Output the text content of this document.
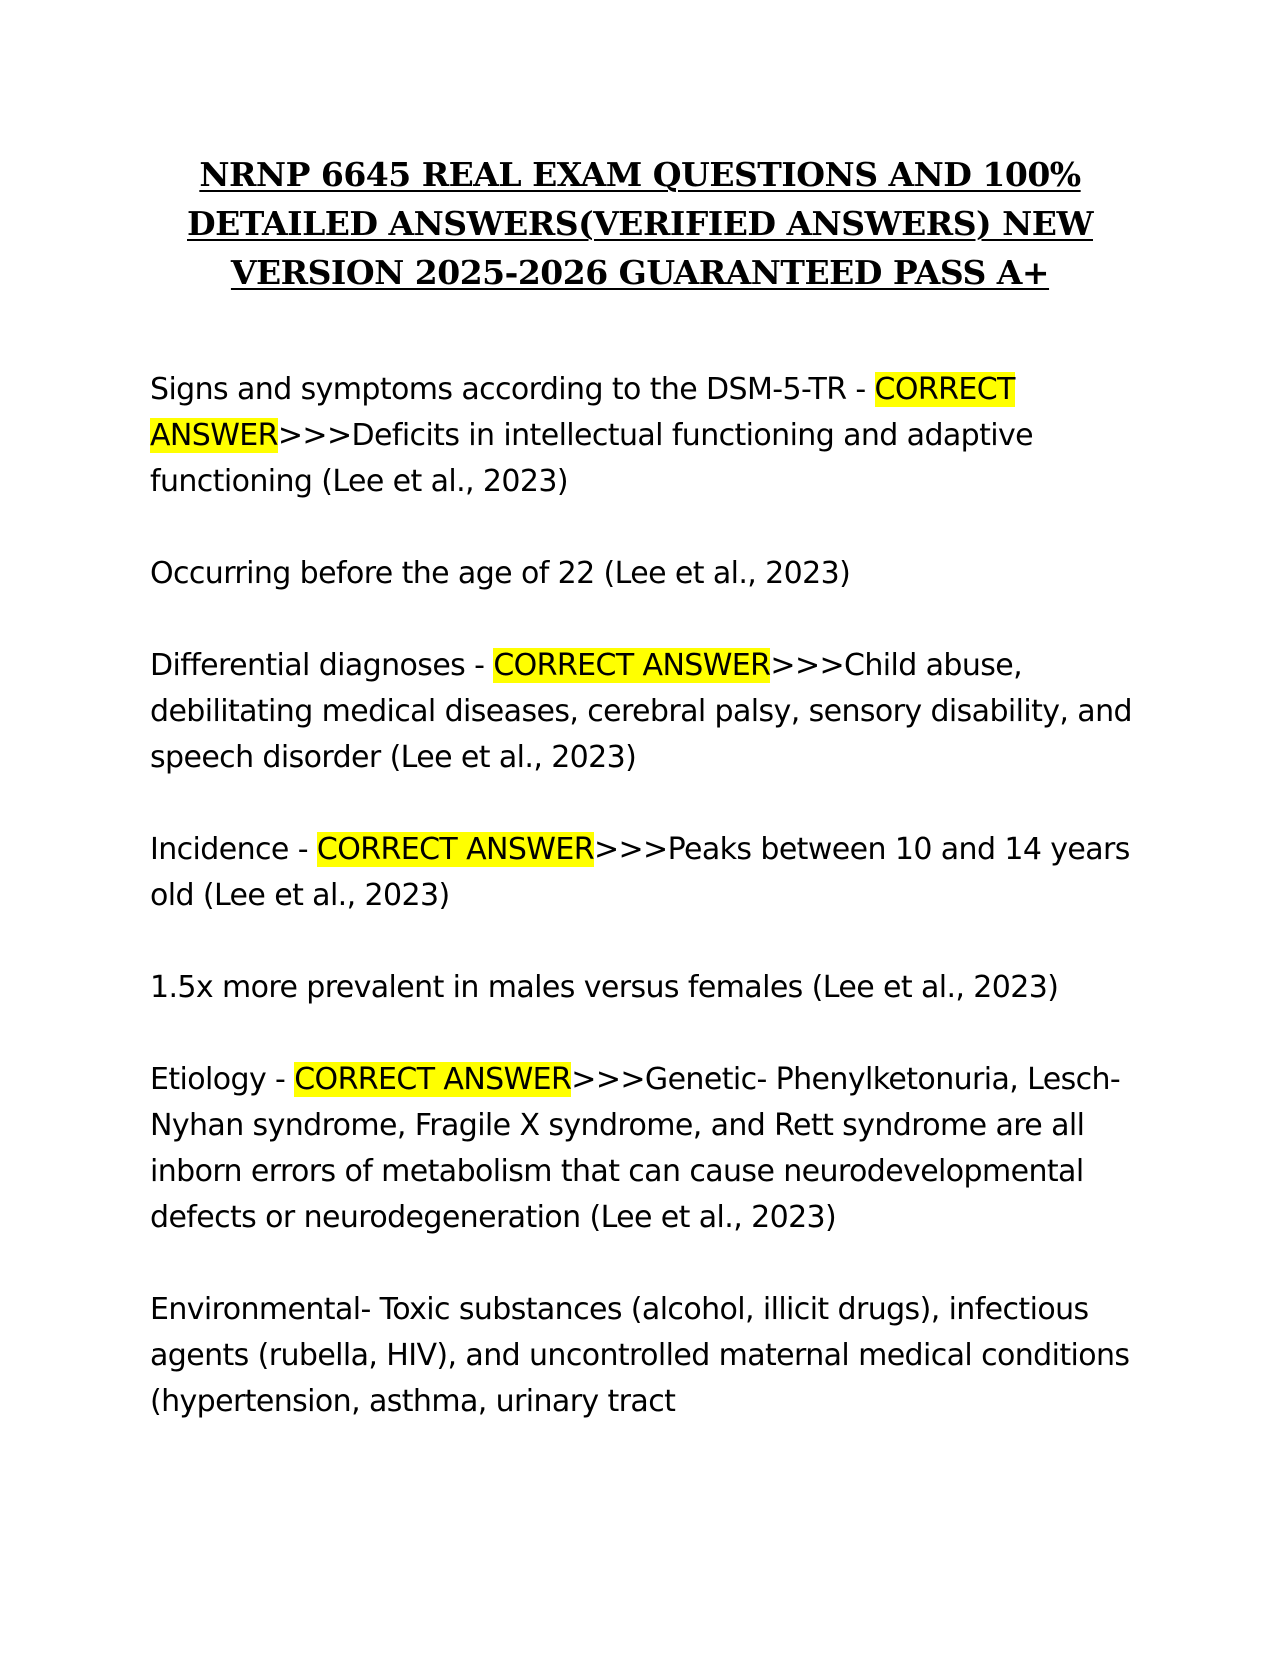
NRNP 6645 REAL EXAM QUESTIONS AND 100% DETAILED ANSWERS(VERIFIED ANSWERS) NEW VERSION 2025-2026 GUARANTEED PASS A+

Signs and symptoms according to the DSM-5-TR - CORRECT ANSWER>>>Deficits in intellectual functioning and adaptive functioning (Lee et al., 2023)

Occurring before the age of 22 (Lee et al., 2023)

Differential diagnoses - CORRECT ANSWER>>>Child abuse, debilitating medical diseases, cerebral palsy, sensory disability, and speech disorder (Lee et al., 2023)

Incidence - CORRECT ANSWER>>>Peaks between 10 and 14 years old (Lee et al., 2023)

1.5x more prevalent in males versus females (Lee et al., 2023)

Etiology - CORRECT ANSWER>>>Genetic- Phenylketonuria, Lesch-Nyhan syndrome, Fragile X syndrome, and Rett syndrome are all inborn errors of metabolism that can cause neurodevelopmental defects or neurodegeneration (Lee et al., 2023)

Environmental- Toxic substances (alcohol, illicit drugs), infectious agents (rubella, HIV), and uncontrolled maternal medical conditions (hypertension, asthma, urinary tract
